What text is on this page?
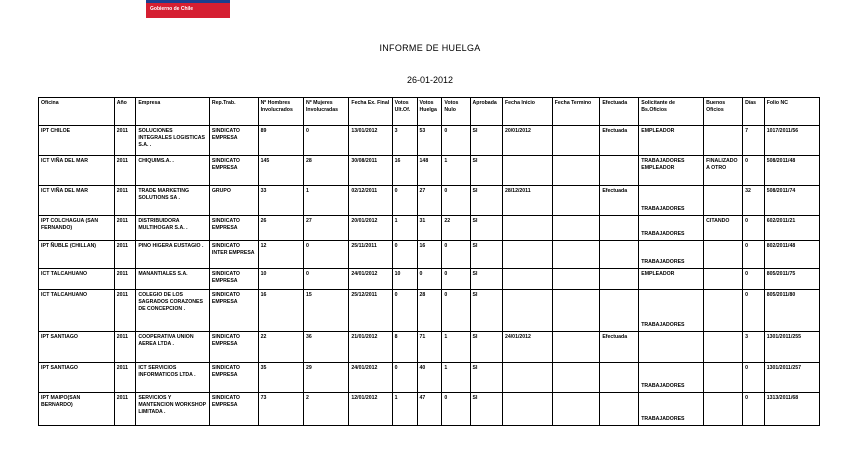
Gobierno de Chile
INFORME DE HUELGA
26-01-2012
Oficina	Año	Empresa	Rep.Trab.	Nº Hombres Involucrados	Nº Mujeres Involucradas	Fecha Ex. Final	Votos Ult.Of.	Votos Huelga	Votos Nulo	Aprobada	Fecha Inicio	Fecha Termino	Efectuada	Solicitante de Bs.Oficios	Buenos Oficios	Días	Folio NC
IPT CHILOE	2011	SOLUCIONES INTEGRALES LOGISTICAS S.A. .	SINDICATO EMPRESA	89	0	13/01/2012	3	53	0	SI	20/01/2012		Efectuada	EMPLEADOR		7	1017/2011/56
ICT VIÑA DEL MAR	2011	CHIQUIMS.A. .	SINDICATO EMPRESA	145	28	30/08/2011	16	148	1	SI				TRABAJADORES EMPLEADOR	FINALIZADO A OTRO	0	508/2011/48
ICT VIÑA DEL MAR	2011	TRADE MARKETING SOLUTIONS SA .	GRUPO	33	1	02/12/2011	0	27	0	SI	28/12/2011		Efectuada	TRABAJADORES		32	508/2011/74
IPT COLCHAGUA (SAN FERNANDO)	2011	DISTRIBUIDORA MULTIHOGAR S.A. .	SINDICATO EMPRESA	26	27	20/01/2012	1	31	22	SI				TRABAJADORES	CITANDO	0	602/2011/21
IPT ÑUBLE (CHILLAN)	2011	PINO HIGERA EUSTAGIO .	SINDICATO INTER EMPRESA	12	0	25/11/2011	0	16	0	SI				TRABAJADORES		0	802/2011/48
ICT TALCAHUANO	2011	MANANTIALES S.A.	SINDICATO EMPRESA	10	0	24/01/2012	10	0	0	SI				EMPLEADOR		0	805/2011/75
ICT TALCAHUANO	2011	COLEGIO DE LOS SAGRADOS CORAZONES DE CONCEPCION .	SINDICATO EMPRESA	16	15	25/12/2011	0	28	0	SI				TRABAJADORES		0	805/2011/80
IPT SANTIAGO	2011	COOPERATIVA UNION AEREA LTDA .	SINDICATO EMPRESA	22	36	21/01/2012	8	71	1	SI	24/01/2012		Efectuada			3	1301/2011/255
IPT SANTIAGO	2011	ICT SERVICIOS INFORMATICOS LTDA .	SINDICATO EMPRESA	35	29	24/01/2012	0	40	1	SI				TRABAJADORES		0	1301/2011/257
IPT MAIPO(SAN BERNARDO)	2011	SERVICIOS Y MANTENCION WORKSHOP LIMITADA .	SINDICATO EMPRESA	73	2	12/01/2012	1	47	0	SI				TRABAJADORES		0	1313/2011/68
